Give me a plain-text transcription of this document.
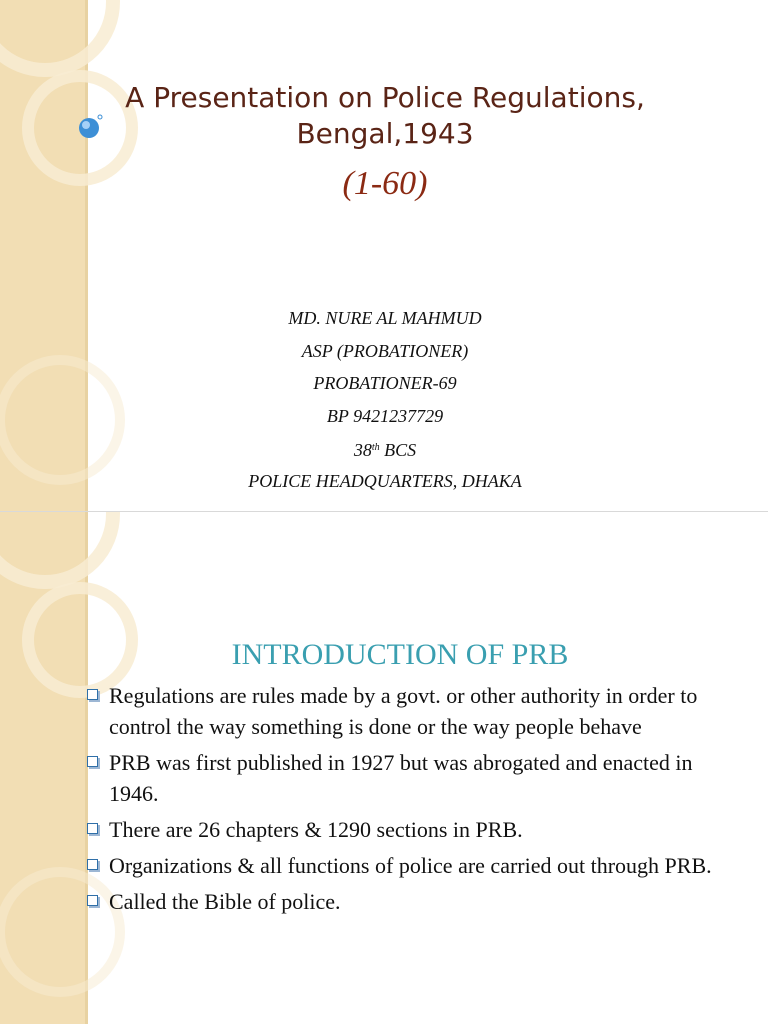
A Presentation on Police Regulations,
Bengal,1943
(1-60)
MD. NURE AL MAHMUD
ASP (PROBATIONER)
PROBATIONER-69
BP 9421237729
38th BCS
POLICE HEADQUARTERS, DHAKA
INTRODUCTION OF PRB
Regulations are rules made by a govt. or other authority in order to control the way something is done or the way people behave
PRB was first published in 1927 but was abrogated and enacted in 1946.
There are 26 chapters & 1290 sections in PRB.
Organizations & all functions of police are carried out through PRB.
Called the Bible of police.
